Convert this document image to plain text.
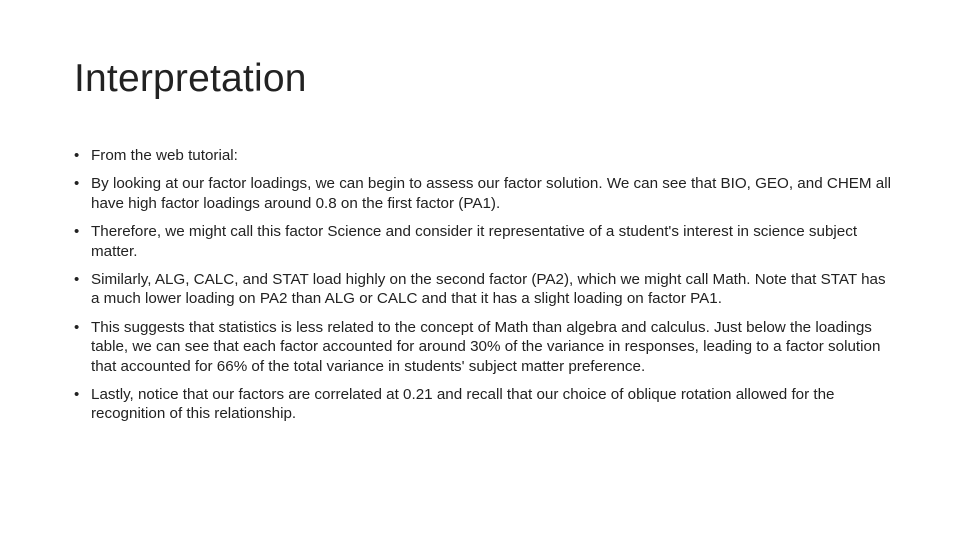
Interpretation
• From the web tutorial:
• By looking at our factor loadings, we can begin to assess our factor solution. We can see that BIO, GEO, and CHEM all have high factor loadings around 0.8 on the first factor (PA1).
• Therefore, we might call this factor Science and consider it representative of a student's interest in science subject matter.
• Similarly, ALG, CALC, and STAT load highly on the second factor (PA2), which we might call Math. Note that STAT has a much lower loading on PA2 than ALG or CALC and that it has a slight loading on factor PA1.
• This suggests that statistics is less related to the concept of Math than algebra and calculus. Just below the loadings table, we can see that each factor accounted for around 30% of the variance in responses, leading to a factor solution that accounted for 66% of the total variance in students' subject matter preference.
• Lastly, notice that our factors are correlated at 0.21 and recall that our choice of oblique rotation allowed for the recognition of this relationship.
